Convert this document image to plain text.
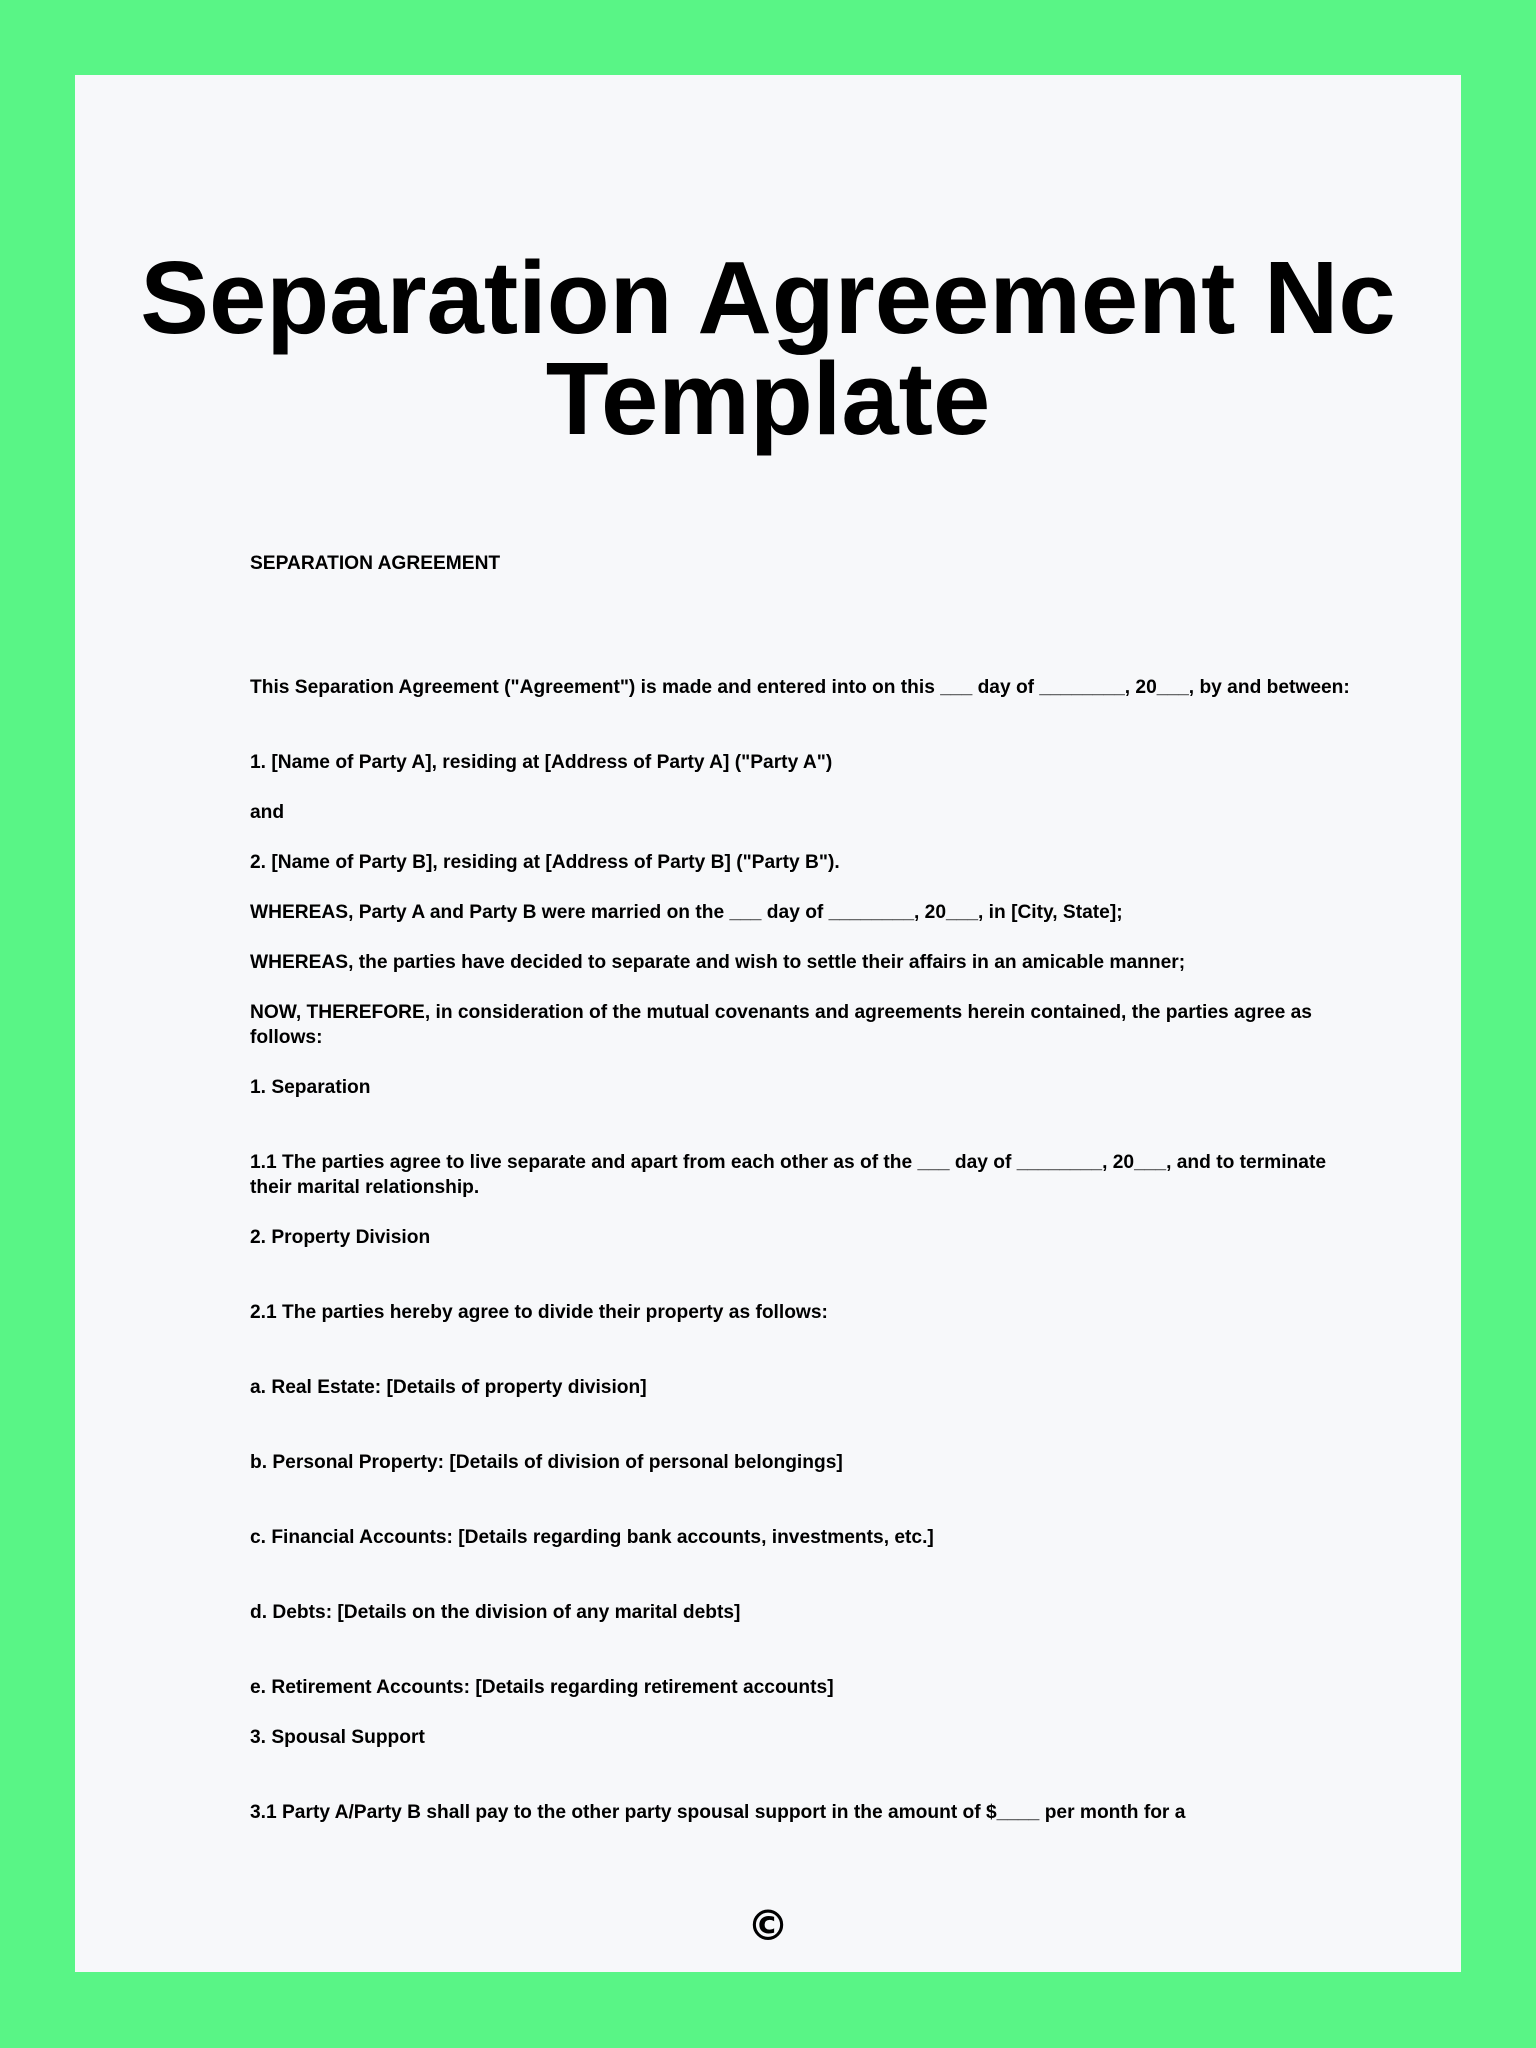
Separation Agreement Nc
Template

SEPARATION AGREEMENT

This Separation Agreement ("Agreement") is made and entered into on this ___ day of ________, 20___, by and between:

1. [Name of Party A], residing at [Address of Party A] ("Party A")

and

2. [Name of Party B], residing at [Address of Party B] ("Party B").

WHEREAS, Party A and Party B were married on the ___ day of ________, 20___, in [City, State];

WHEREAS, the parties have decided to separate and wish to settle their affairs in an amicable manner;

NOW, THEREFORE, in consideration of the mutual covenants and agreements herein contained, the parties agree as follows:

1. Separation

1.1 The parties agree to live separate and apart from each other as of the ___ day of ________, 20___, and to terminate their marital relationship.

2. Property Division

2.1 The parties hereby agree to divide their property as follows:

a. Real Estate: [Details of property division]

b. Personal Property: [Details of division of personal belongings]

c. Financial Accounts: [Details regarding bank accounts, investments, etc.]

d. Debts: [Details on the division of any marital debts]

e. Retirement Accounts: [Details regarding retirement accounts]

3. Spousal Support

3.1 Party A/Party B shall pay to the other party spousal support in the amount of $____ per month for a

©
